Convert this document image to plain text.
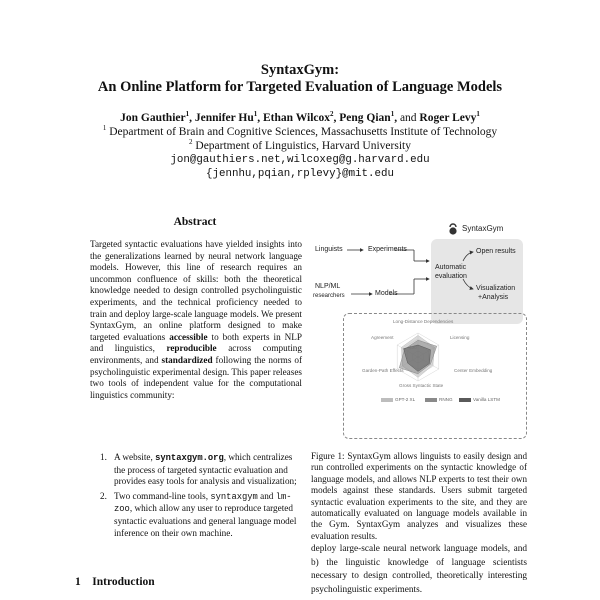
SyntaxGym:
An Online Platform for Targeted Evaluation of Language Models
Jon Gauthier$^1$, Jennifer Hu$^1$, Ethan Wilcox$^2$, Peng Qian$^1$, and Roger Levy$^1$
$^1$ Department of Brain and Cognitive Sciences, Massachusetts Institute of Technology
$^2$ Department of Linguistics, Harvard University
jon@gauthiers.net,wilcoxeg@g.harvard.edu
{jennhu,pqian,rplevy}@mit.edu
Abstract
Targeted syntactic evaluations have yielded insights into the generalizations learned by neural network language models. However, this line of research requires an uncommon confluence of skills: both the theoretical knowledge needed to design controlled psycholinguistic experiments, and the technical proficiency needed to train and deploy large-scale language models. We present SyntaxGym, an online platform designed to make targeted evaluations accessible to both experts in NLP and linguistics, reproducible across computing environments, and standardized following the norms of psycholinguistic experimental design. This paper releases two tools of independent value for the computational linguistics community:
1. A website, syntaxgym.org, which centralizes the process of targeted syntactic evaluation and provides easy tools for analysis and visualization;
2. Two command-line tools, syntaxgym and lm-zoo, which allow any user to reproduce targeted syntactic evaluations and general language model inference on their own machine.
1 Introduction
SyntaxGym
Linguists	Experiments
NLP/ML
researchers	Models
Automatic
evaluation
Open results
Visualization
+Analysis
100
Long-Distance Dependencies
Agreement	Licensing
Garden-Path Effects	Center Embedding
Gross Syntactic State
GPT-2 XL	RNNG	Vanilla LSTM
Figure 1: SyntaxGym allows linguists to easily design and run controlled experiments on the syntactic knowledge of language models, and allows NLP experts to test their own models against these standards. Users submit targeted syntactic evaluation experiments to the site, and they are automatically evaluated on language models available in the Gym. SyntaxGym analyzes and visualizes these evaluation results.
deploy large-scale neural network language models, and b) the linguistic knowledge of language scientists necessary to design controlled, theoretically interesting psycholinguistic experiments.
